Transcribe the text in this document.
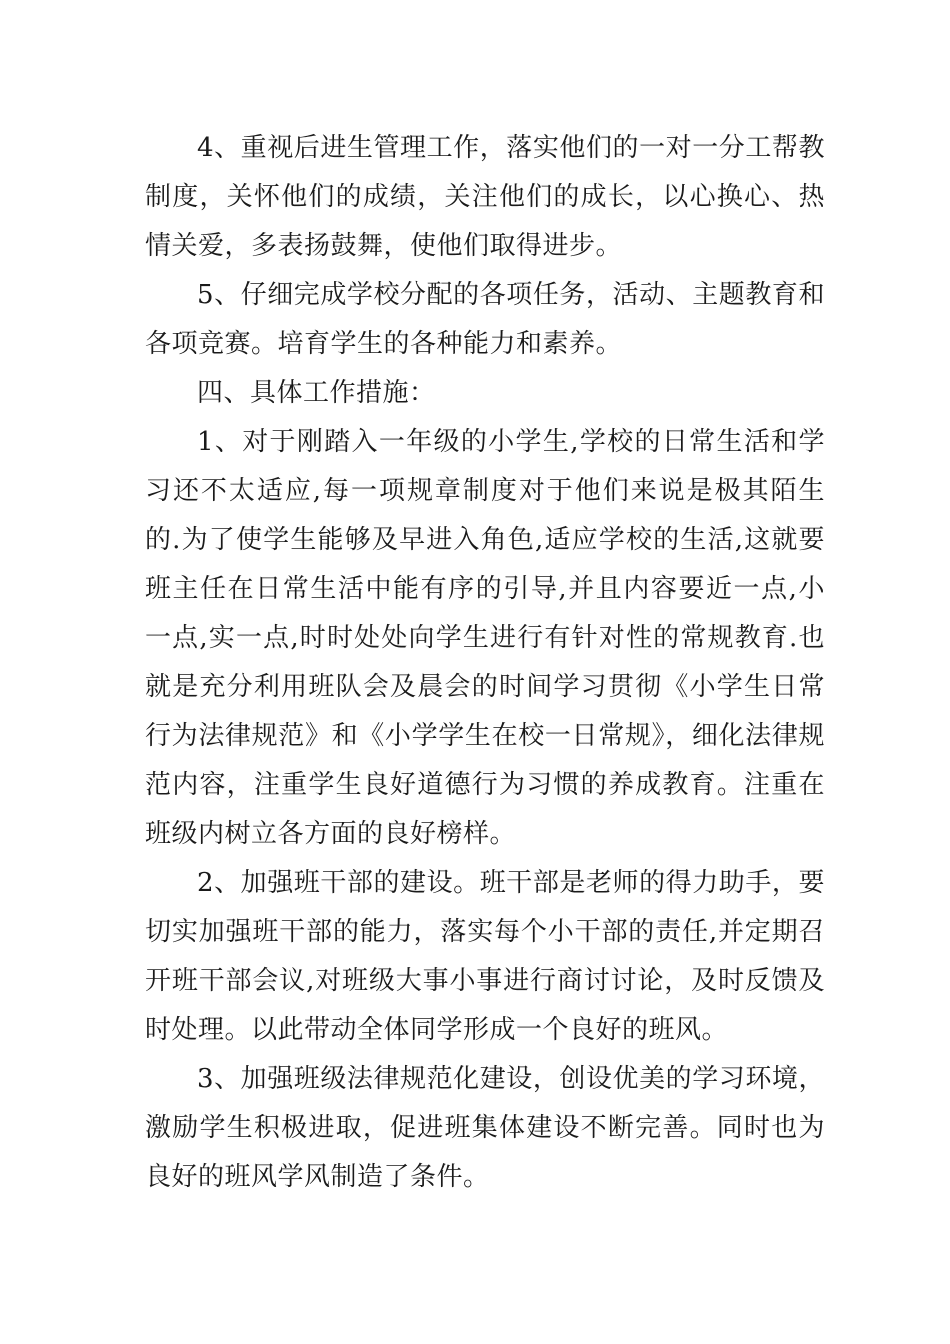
4、重视后进生管理工作，落实他们的一对一分工帮教制度，关怀他们的成绩，关注他们的成长，以心换心、热情关爱，多表扬鼓舞，使他们取得进步。

5、仔细完成学校分配的各项任务，活动、主题教育和各项竞赛。培育学生的各种能力和素养。

四、具体工作措施：

1、对于刚踏入一年级的小学生,学校的日常生活和学习还不太适应,每一项规章制度对于他们来说是极其陌生的.为了使学生能够及早进入角色,适应学校的生活,这就要班主任在日常生活中能有序的引导,并且内容要近一点,小一点,实一点,时时处处向学生进行有针对性的常规教育.也就是充分利用班队会及晨会的时间学习贯彻《小学生日常行为法律规范》和《小学学生在校一日常规》，细化法律规范内容，注重学生良好道德行为习惯的养成教育。注重在班级内树立各方面的良好榜样。

2、加强班干部的建设。班干部是老师的得力助手，要切实加强班干部的能力，落实每个小干部的责任,并定期召开班干部会议,对班级大事小事进行商讨讨论，及时反馈及时处理。以此带动全体同学形成一个良好的班风。

3、加强班级法律规范化建设，创设优美的学习环境，激励学生积极进取，促进班集体建设不断完善。同时也为良好的班风学风制造了条件。
